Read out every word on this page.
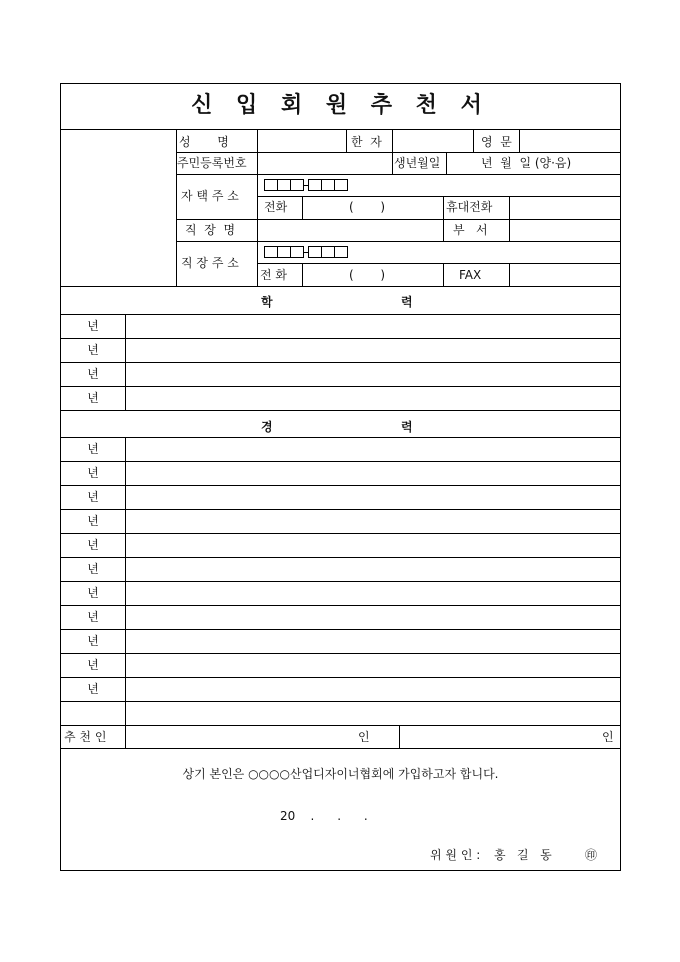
신 입 회 원 추 천 서
성       명	한  자	영  문
주민등록번호	생년월일	년  월  일 (양·음)
자 택 주 소
전화	(       )	휴대전화
직  장  명	부   서
직 장 주 소
전 화	(       )	FAX
학	력
년
년
년
년
경	력
년
년
년
년
년
년
년
년
년
년
년
추 천 인	인	인
상기 본인은 ○○○○산업디자이너협회에 가입하고자 합니다.
20    .      .      .
위 원 인 : 홍   길   동	㊞
